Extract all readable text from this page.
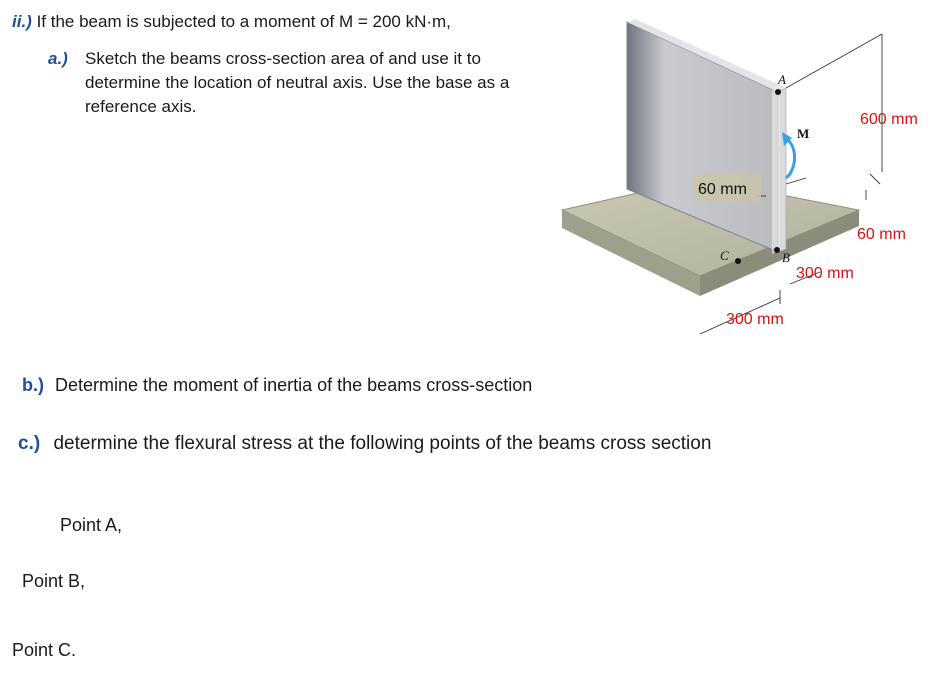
ii.) If the beam is subjected to a moment of M = 200 kN·m,
a.) Sketch the beams cross-section area of and use it to
determine the location of neutral axis. Use the base as a
reference axis.
b.) Determine the moment of inertia of the beams cross-section
c.) determine the flexural stress at the following points of the beams cross section
Point A,
Point B,
Point C.
A
B
C
M
60 mm
600 mm
60 mm
300 mm
300 mm
